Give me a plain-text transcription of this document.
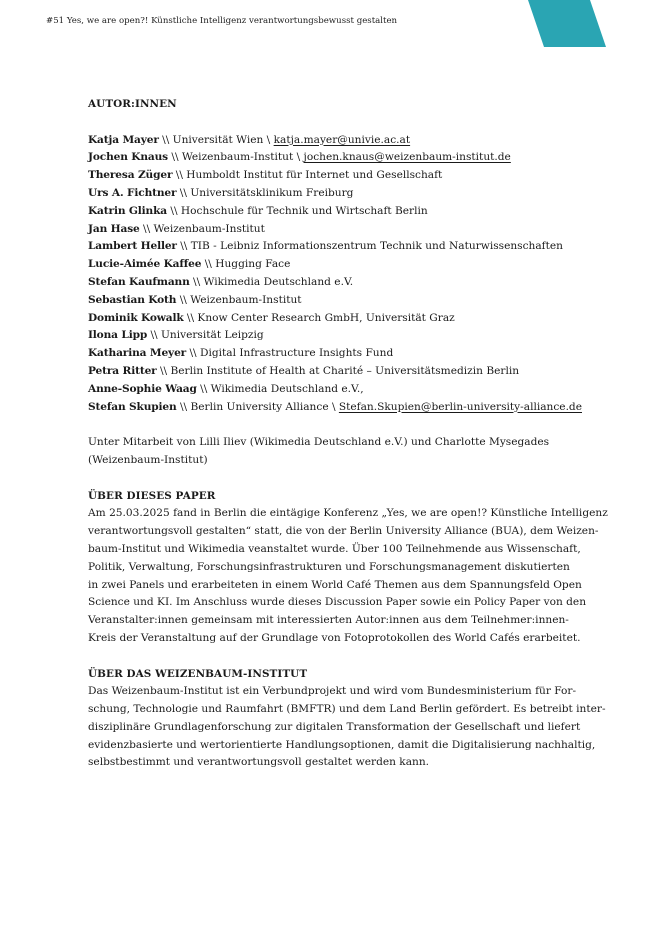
#51 Yes, we are open?! Künstliche Intelligenz verantwortungsbewusst gestalten

AUTOR:INNEN

Katja Mayer \\ Universität Wien \ katja.mayer@univie.ac.at

Jochen Knaus \\ Weizenbaum-Institut \ jochen.knaus@weizenbaum-institut.de

Theresa Züger \\ Humboldt Institut für Internet und Gesellschaft

Urs A. Fichtner \\ Universitätsklinikum Freiburg

Katrin Glinka \\ Hochschule für Technik und Wirtschaft Berlin

Jan Hase \\ Weizenbaum-Institut

Lambert Heller \\ TIB - Leibniz Informationszentrum Technik und Naturwissenschaften

Lucie-Aimée Kaffee \\ Hugging Face

Stefan Kaufmann \\ Wikimedia Deutschland e.V.

Sebastian Koth \\ Weizenbaum-Institut

Dominik Kowalk \\ Know Center Research GmbH, Universität Graz

Ilona Lipp \\ Universität Leipzig

Katharina Meyer \\ Digital Infrastructure Insights Fund

Petra Ritter \\ Berlin Institute of Health at Charité – Universitätsmedizin Berlin

Anne-Sophie Waag \\ Wikimedia Deutschland e.V.,

Stefan Skupien \\ Berlin University Alliance \ Stefan.Skupien@berlin-university-alliance.de

Unter Mitarbeit von Lilli Iliev (Wikimedia Deutschland e.V.) und Charlotte Mysegades
(Weizenbaum-Institut)

ÜBER DIESES PAPER

Am 25.03.2025 fand in Berlin die eintägige Konferenz „Yes, we are open!? Künstliche Intelligenz
verantwortungsvoll gestalten“ statt, die von der Berlin University Alliance (BUA), dem Weizen-
baum-Institut und Wikimedia veanstaltet wurde. Über 100 Teilnehmende aus Wissenschaft,
Politik, Verwaltung, Forschungsinfrastrukturen und Forschungsmanagement diskutierten
in zwei Panels und erarbeiteten in einem World Café Themen aus dem Spannungsfeld Open
Science und KI. Im Anschluss wurde dieses Discussion Paper sowie ein Policy Paper von den
Veranstalter:innen gemeinsam mit interessierten Autor:innen aus dem Teilnehmer:innen-
Kreis der Veranstaltung auf der Grundlage von Fotoprotokollen des World Cafés erarbeitet.

ÜBER DAS WEIZENBAUM-INSTITUT

Das Weizenbaum-Institut ist ein Verbundprojekt und wird vom Bundesministerium für For-
schung, Technologie und Raumfahrt (BMFTR) und dem Land Berlin gefördert. Es betreibt inter-
disziplinäre Grundlagenforschung zur digitalen Transformation der Gesellschaft und liefert
evidenzbasierte und wertorientierte Handlungsoptionen, damit die Digitalisierung nachhaltig,
selbstbestimmt und verantwortungsvoll gestaltet werden kann.
